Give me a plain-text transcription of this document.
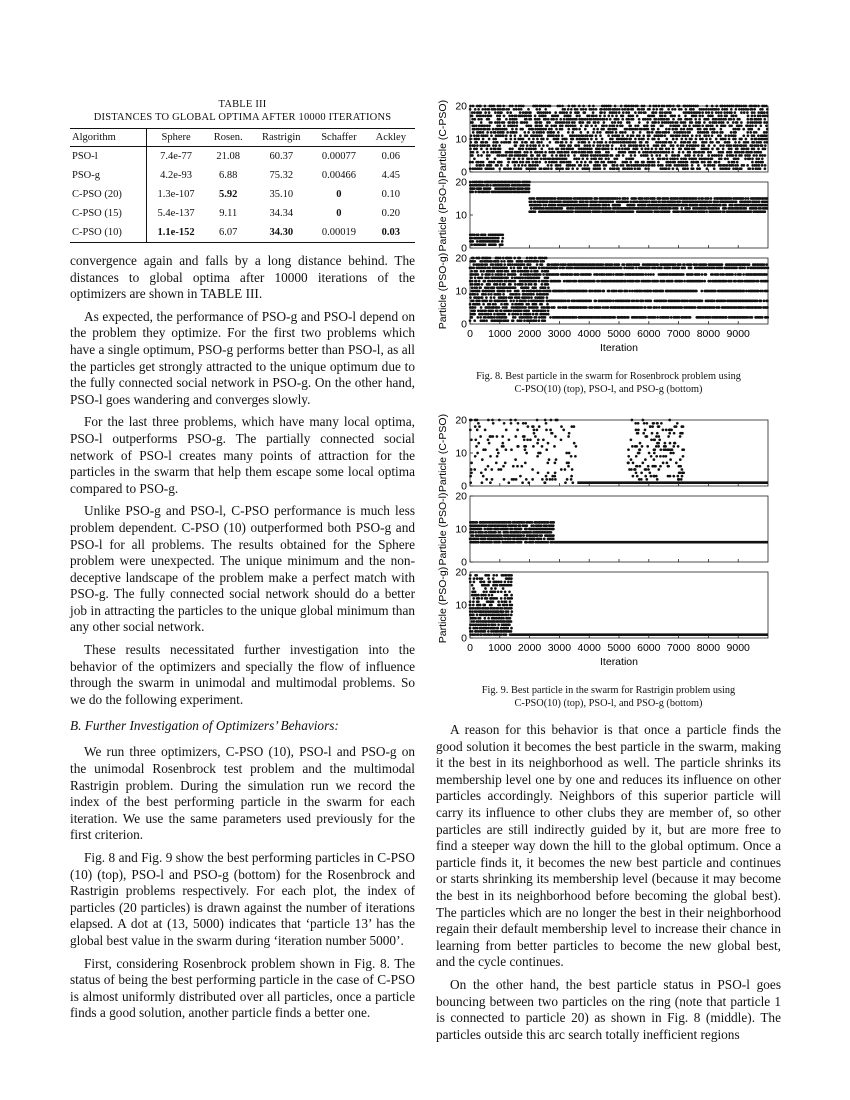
TABLE III
DISTANCES TO GLOBAL OPTIMA AFTER 10000 ITERATIONS
Algorithm	Sphere	Rosen.	Rastrigin	Schaffer	Ackley
PSO-l	7.4e-77	21.08	60.37	0.00077	0.06
PSO-g	4.2e-93	6.88	75.32	0.00466	4.45
C-PSO (20)	1.3e-107	5.92	35.10	0	0.10
C-PSO (15)	5.4e-137	9.11	34.34	0	0.20
C-PSO (10)	1.1e-152	6.07	34.30	0.00019	0.03

convergence again and falls by a long distance behind. The distances to global optima after 10000 iterations of the optimizers are shown in TABLE III.

As expected, the performance of PSO-g and PSO-l depend on the problem they optimize. For the first two problems which have a single optimum, PSO-g performs better than PSO-l, as all the particles get strongly attracted to the unique optimum due to the fully connected social network in PSO-g. On the other hand, PSO-l goes wandering and converges slowly.

For the last three problems, which have many local optima, PSO-l outperforms PSO-g. The partially connected social network of PSO-l creates many points of attraction for the particles in the swarm that help them escape some local optima compared to PSO-g.

Unlike PSO-g and PSO-l, C-PSO performance is much less problem dependent. C-PSO (10) outperformed both PSO-g and PSO-l for all problems. The results obtained for the Sphere problem were unexpected. The unique minimum and the non-deceptive landscape of the problem make a perfect match with PSO-g. The fully connected social network should do a better job in attracting the particles to the unique global minimum than any other social network.

These results necessitated further investigation into the behavior of the optimizers and specially the flow of influence through the swarm in unimodal and multimodal problems. So we do the following experiment.

B. Further Investigation of Optimizers’ Behaviors:

We run three optimizers, C-PSO (10), PSO-l and PSO-g on the unimodal Rosenbrock test problem and the multimodal Rastrigin problem. During the simulation run we record the index of the best performing particle in the swarm for each iteration. We use the same parameters used previously for the first criterion.

Fig. 8 and Fig. 9 show the best performing particles in C-PSO (10) (top), PSO-l and PSO-g (bottom) for the Rosenbrock and Rastrigin problems respectively. For each plot, the index of particles (20 particles) is drawn against the number of iterations elapsed. A dot at (13, 5000) indicates that ‘particle 13’ has the global best value in the swarm during ‘iteration number 5000’.

First, considering Rosenbrock problem shown in Fig. 8. The status of being the best performing particle in the case of C-PSO is almost uniformly distributed over all particles, once a particle finds a good solution, another particle finds a better one.

0
10
20
Particle (C-PSO)
0
10
20
Particle (PSO-l)
0
10
20
Particle (PSO-g)
0 1000 2000 3000 4000 5000 6000 7000 8000 9000
Iteration
Fig. 8. Best particle in the swarm for Rosenbrock problem using
C-PSO(10) (top), PSO-l, and PSO-g (bottom)
0
10
20
Particle (C-PSO)
0
10
20
Particle (PSO-l)
0
10
20
Particle (PSO-g)
0 1000 2000 3000 4000 5000 6000 7000 8000 9000
Iteration
Fig. 9. Best particle in the swarm for Rastrigin problem using
C-PSO(10) (top), PSO-l, and PSO-g (bottom)

A reason for this behavior is that once a particle finds the good solution it becomes the best particle in the swarm, making it the best in its neighborhood as well. The particle shrinks its membership level one by one and reduces its influence on other particles accordingly. Neighbors of this superior particle will carry its influence to other clubs they are member of, so other particles are still indirectly guided by it, but are more free to find a steeper way down the hill to the global optimum. Once a particle finds it, it becomes the new best particle and continues or starts shrinking its membership level (because it may become the best in its neighborhood before becoming the global best). The particles which are no longer the best in their neighborhood regain their default membership level to increase their chance in learning from better particles to become the new global best, and the cycle continues.

On the other hand, the best particle status in PSO-l goes bouncing between two particles on the ring (note that particle 1 is connected to particle 20) as shown in Fig. 8 (middle). The particles outside this arc search totally inefficient regions
